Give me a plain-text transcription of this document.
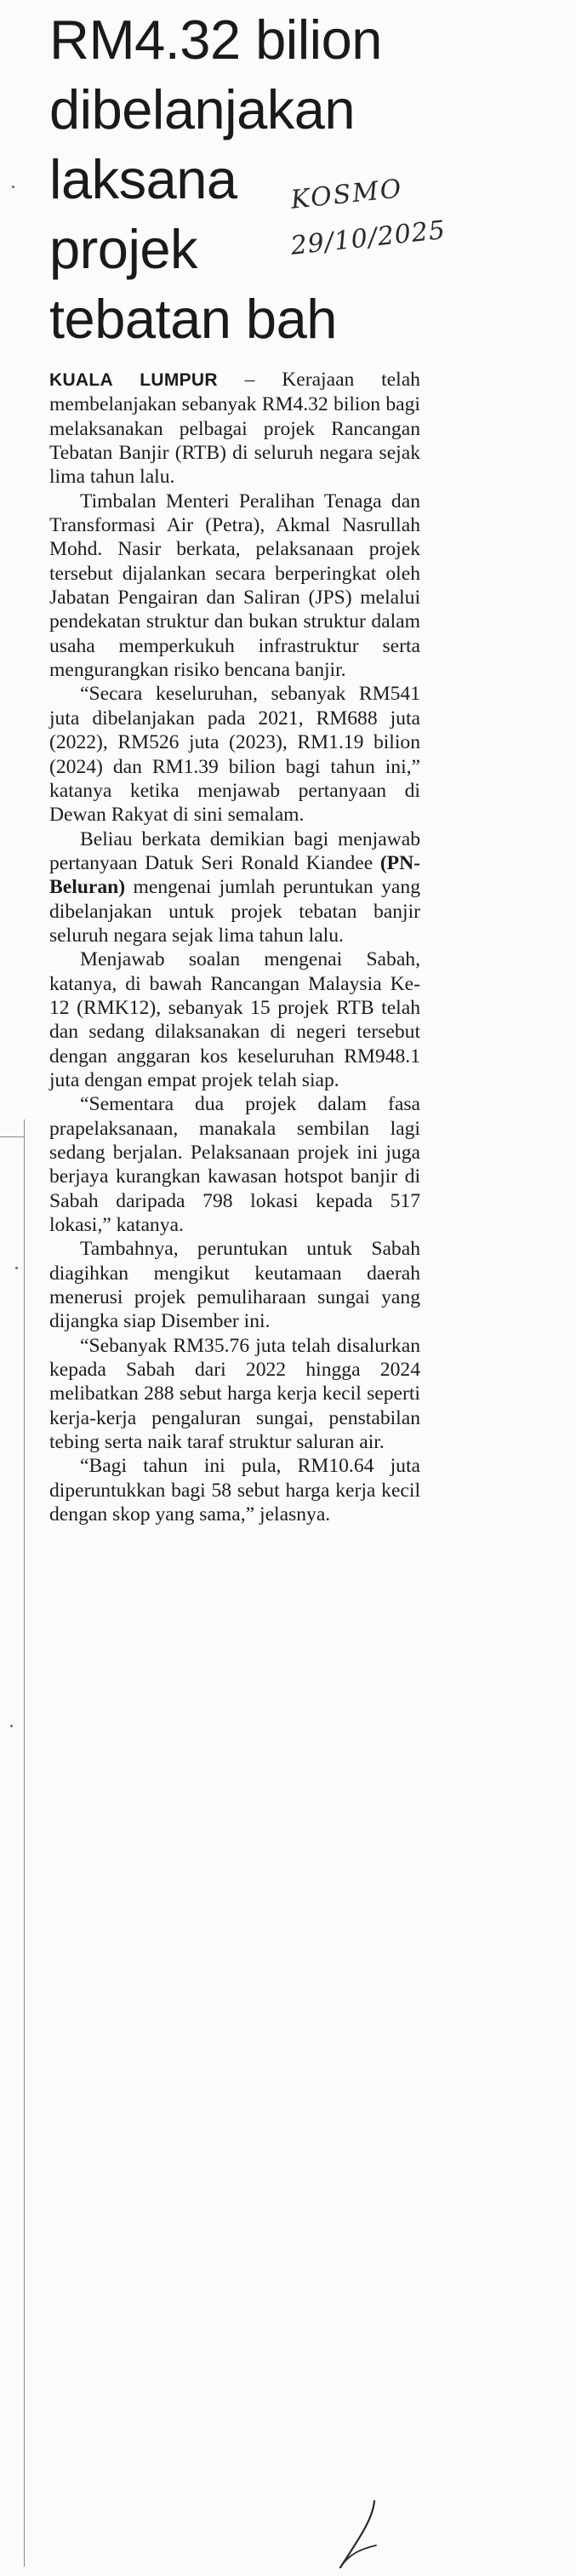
RM4.32 bilion
dibelanjakan
laksana
projek
tebatan bah
KOSMO
29/10/2025

KUALA LUMPUR – Kerajaan telah membelanjakan sebanyak RM4.32 bilion bagi melaksanakan pelbagai projek Rancangan Tebatan Banjir (RTB) di seluruh negara sejak lima tahun lalu.

Timbalan Menteri Peralihan Tenaga dan Transformasi Air (Petra), Akmal Nasrullah Mohd. Nasir berkata, pelaksanaan projek tersebut dijalankan secara berperingkat oleh Jabatan Pengairan dan Saliran (JPS) melalui pendekatan struktur dan bukan struktur dalam usaha memperkukuh infrastruktur serta mengurangkan risiko bencana banjir.

“Secara keseluruhan, sebanyak RM541 juta dibelanjakan pada 2021, RM688 juta (2022), RM526 juta (2023), RM1.19 bilion (2024) dan RM1.39 bilion bagi tahun ini,” katanya ketika menjawab pertanyaan di Dewan Rakyat di sini semalam.

Beliau berkata demikian bagi menjawab pertanyaan Datuk Seri Ronald Kiandee (PN-Beluran) mengenai jumlah peruntukan yang dibelanjakan untuk projek tebatan banjir seluruh negara sejak lima tahun lalu.

Menjawab soalan mengenai Sabah, katanya, di bawah Rancangan Malaysia Ke-12 (RMK12), sebanyak 15 projek RTB telah dan sedang dilaksanakan di negeri tersebut dengan anggaran kos keseluruhan RM948.1 juta dengan empat projek telah siap.

“Sementara dua projek dalam fasa prapelaksanaan, manakala sembilan lagi sedang berjalan. Pelaksanaan projek ini juga berjaya kurangkan kawasan hotspot banjir di Sabah daripada 798 lokasi kepada 517 lokasi,” katanya.

Tambahnya, peruntukan untuk Sabah diagihkan mengikut keutamaan daerah menerusi projek pemuliharaan sungai yang dijangka siap Disember ini.

“Sebanyak RM35.76 juta telah disalurkan kepada Sabah dari 2022 hingga 2024 melibatkan 288 sebut harga kerja kecil seperti kerja-kerja pengaluran sungai, penstabilan tebing serta naik taraf struktur saluran air.

“Bagi tahun ini pula, RM10.64 juta diperuntukkan bagi 58 sebut harga kerja kecil dengan skop yang sama,” jelasnya.
